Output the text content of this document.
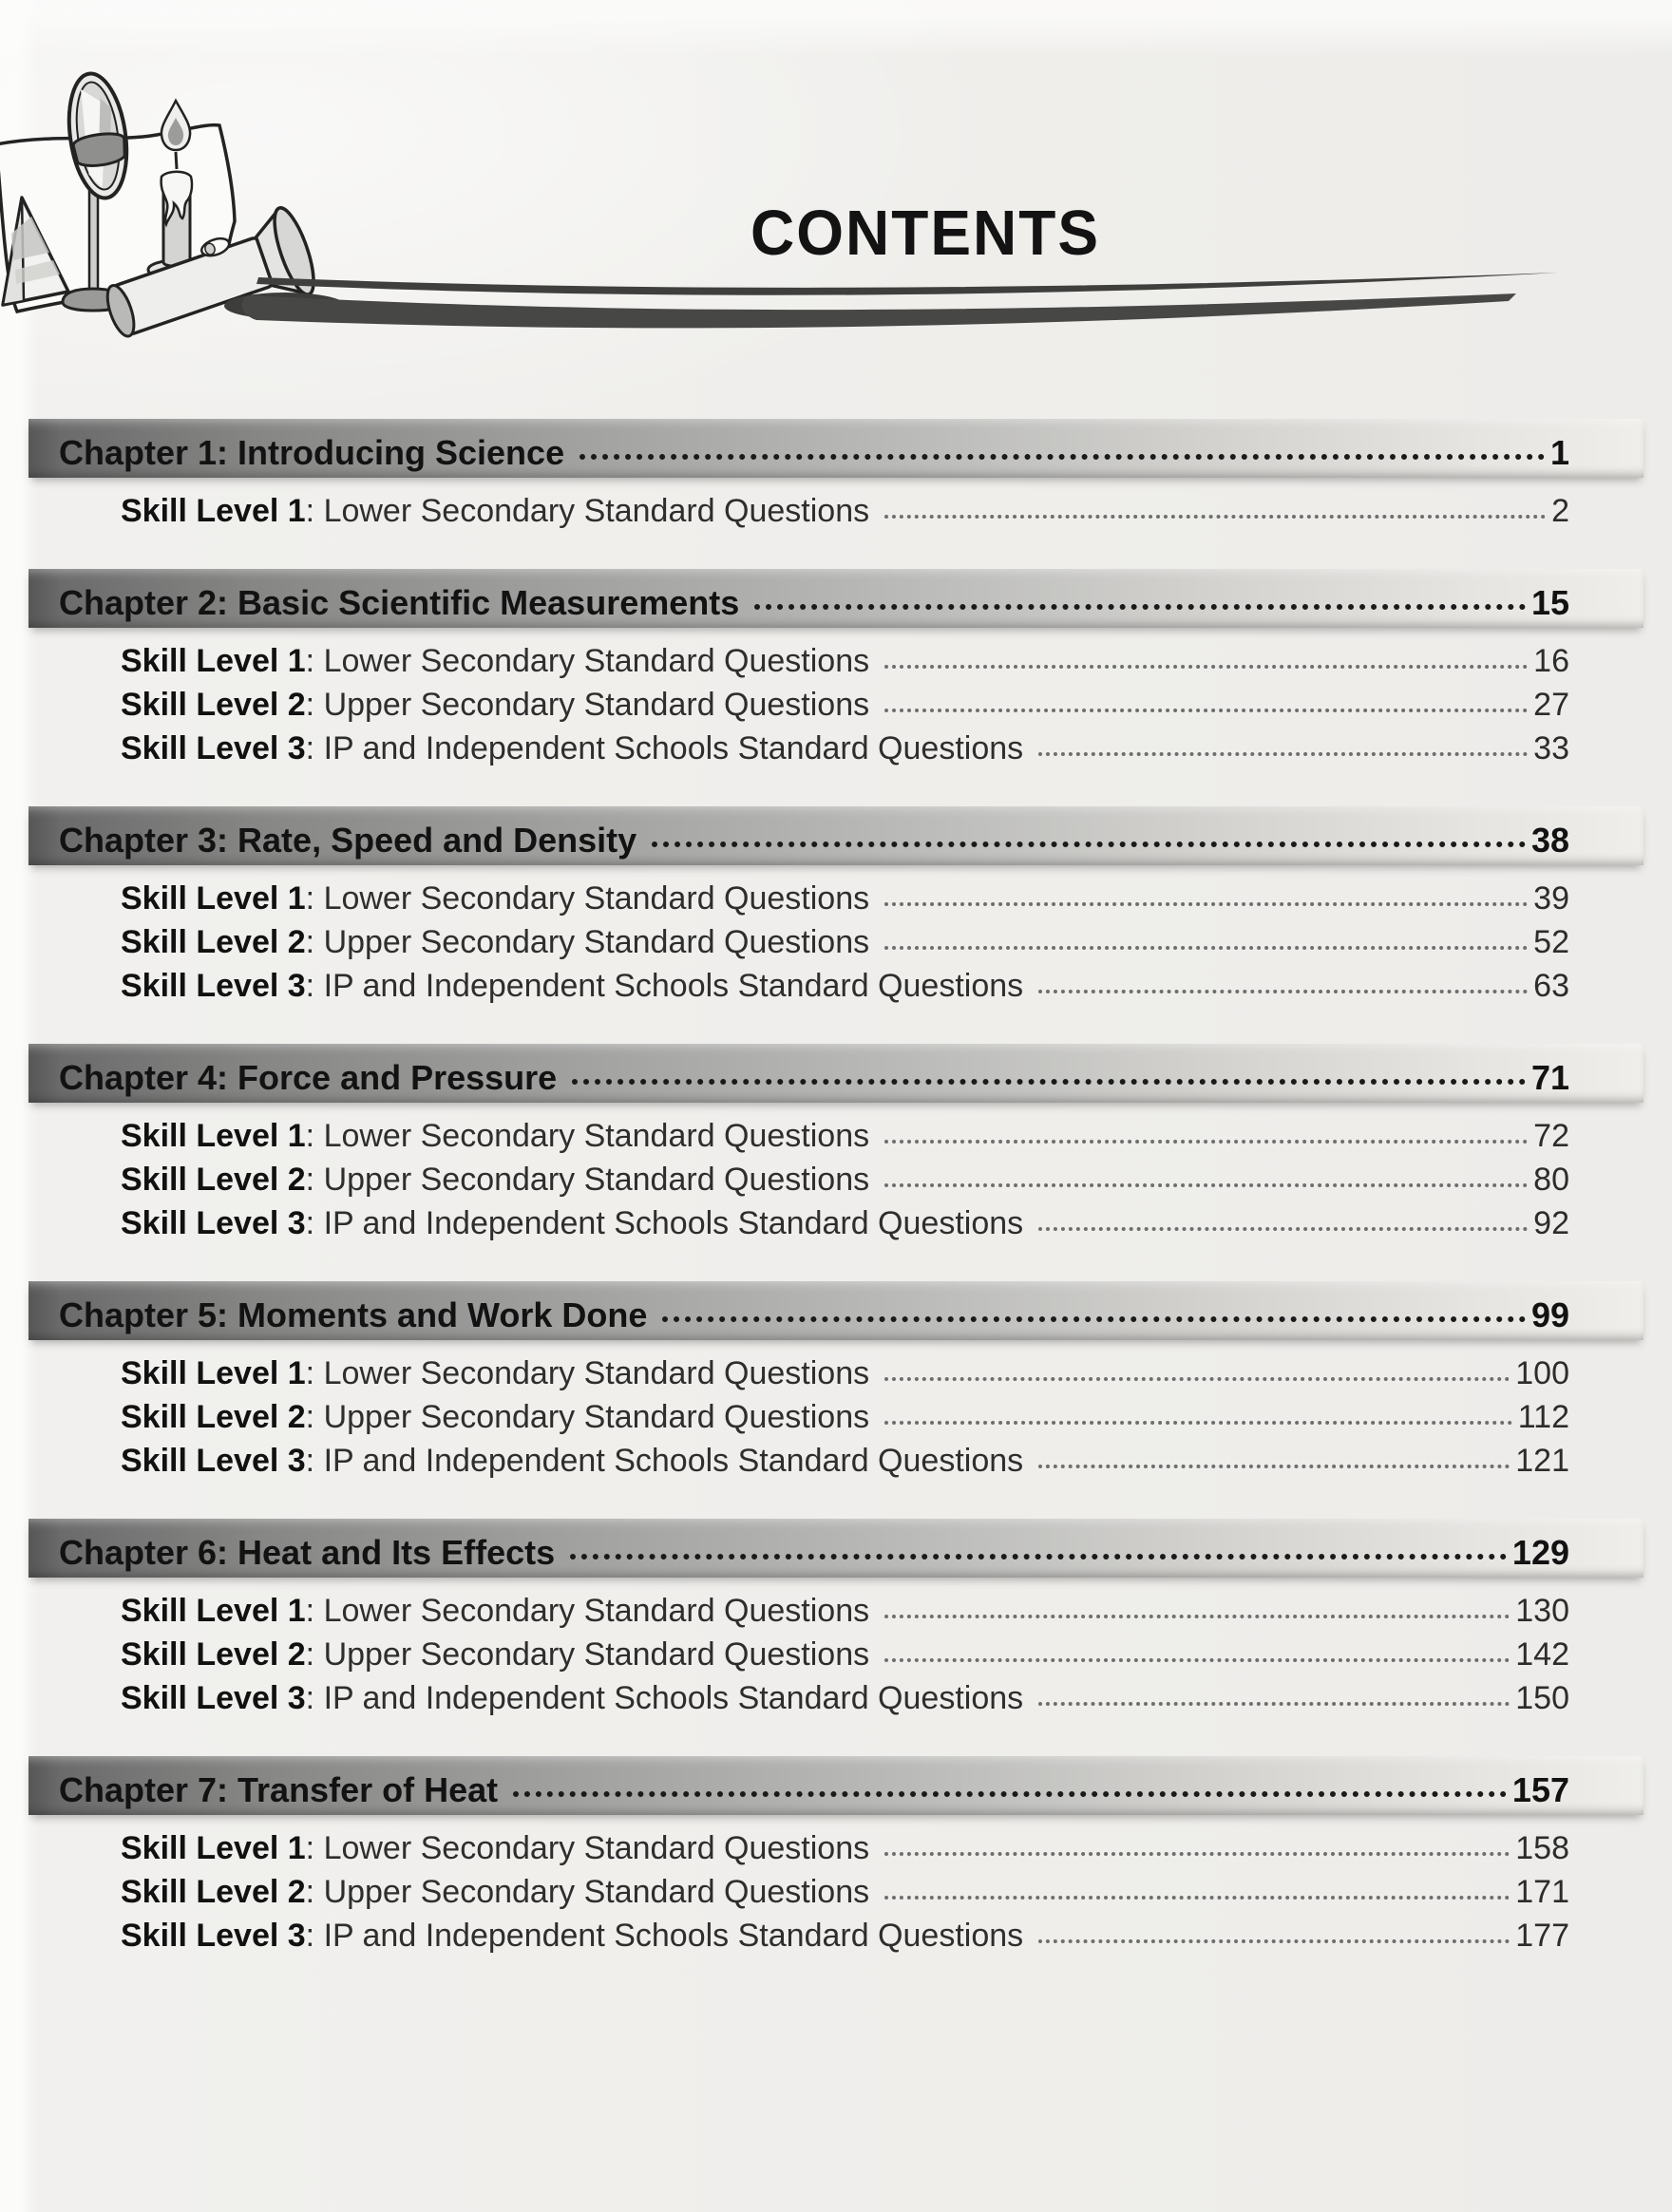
CONTENTS
Chapter 1: Introducing Science	1
Skill Level 1: Lower Secondary Standard Questions	2
Chapter 2: Basic Scientific Measurements	15
Skill Level 1: Lower Secondary Standard Questions	16
Skill Level 2: Upper Secondary Standard Questions	27
Skill Level 3: IP and Independent Schools Standard Questions	33
Chapter 3: Rate, Speed and Density	38
Skill Level 1: Lower Secondary Standard Questions	39
Skill Level 2: Upper Secondary Standard Questions	52
Skill Level 3: IP and Independent Schools Standard Questions	63
Chapter 4: Force and Pressure	71
Skill Level 1: Lower Secondary Standard Questions	72
Skill Level 2: Upper Secondary Standard Questions	80
Skill Level 3: IP and Independent Schools Standard Questions	92
Chapter 5: Moments and Work Done	99
Skill Level 1: Lower Secondary Standard Questions	100
Skill Level 2: Upper Secondary Standard Questions	112
Skill Level 3: IP and Independent Schools Standard Questions	121
Chapter 6: Heat and Its Effects	129
Skill Level 1: Lower Secondary Standard Questions	130
Skill Level 2: Upper Secondary Standard Questions	142
Skill Level 3: IP and Independent Schools Standard Questions	150
Chapter 7: Transfer of Heat	157
Skill Level 1: Lower Secondary Standard Questions	158
Skill Level 2: Upper Secondary Standard Questions	171
Skill Level 3: IP and Independent Schools Standard Questions	177
